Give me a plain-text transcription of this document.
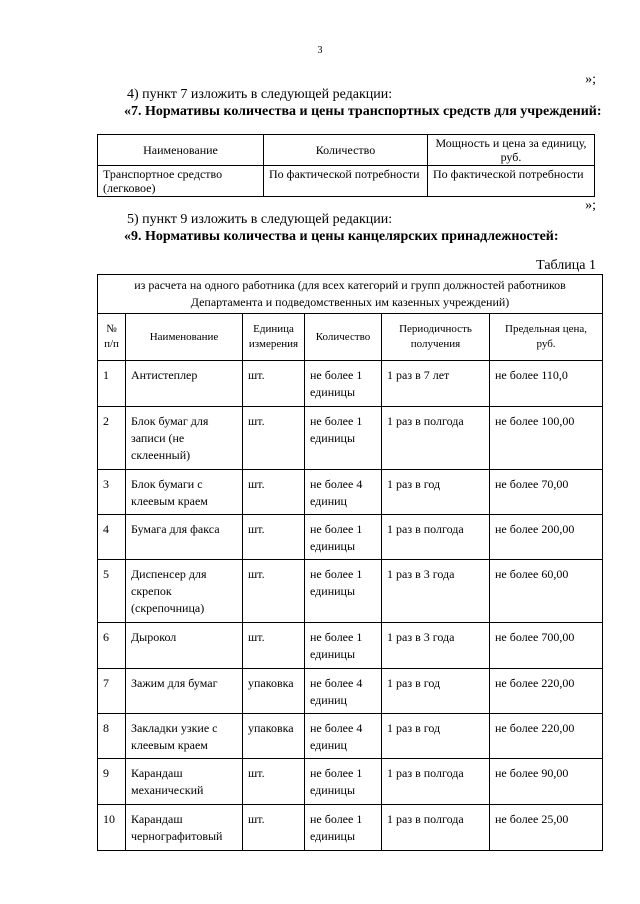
3
»;
4) пункт 7 изложить в следующей редакции:
«7. Нормативы количества и цены транспортных средств для учреждений:
Наименование	Количество	Мощность и цена за единицу, руб.
Транспортное средство (легковое)	По фактической потребности	По фактической потребности
»;
5) пункт 9 изложить в следующей редакции:
«9. Нормативы количества и цены канцелярских принадлежностей:
Таблица 1
из расчета на одного работника (для всех категорий и групп должностей работников Департамента и подведомственных им казенных учреждений)					
№ п/п	Наименование	Единица измерения	Количество	Периодичность получения	Предельная цена, руб.
1	Антистеплер	шт.	не более 1 единицы	1 раз в 7 лет	не более 110,0
2	Блок бумаг для записи (не склеенный)	шт.	не более 1 единицы	1 раз в полгода	не более 100,00
3	Блок бумаги с клеевым краем	шт.	не более 4 единиц	1 раз в год	не более 70,00
4	Бумага для факса	шт.	не более 1 единицы	1 раз в полгода	не более 200,00
5	Диспенсер для скрепок (скрепочница)	шт.	не более 1 единицы	1 раз в 3 года	не более 60,00
6	Дырокол	шт.	не более 1 единицы	1 раз в 3 года	не более 700,00
7	Зажим для бумаг	упаковка	не более 4 единиц	1 раз в год	не более 220,00
8	Закладки узкие с клеевым краем	упаковка	не более 4 единиц	1 раз в год	не более 220,00
9	Карандаш механический	шт.	не более 1 единицы	1 раз в полгода	не более 90,00
10	Карандаш чернографитовый	шт.	не более 1 единицы	1 раз в полгода	не более 25,00
